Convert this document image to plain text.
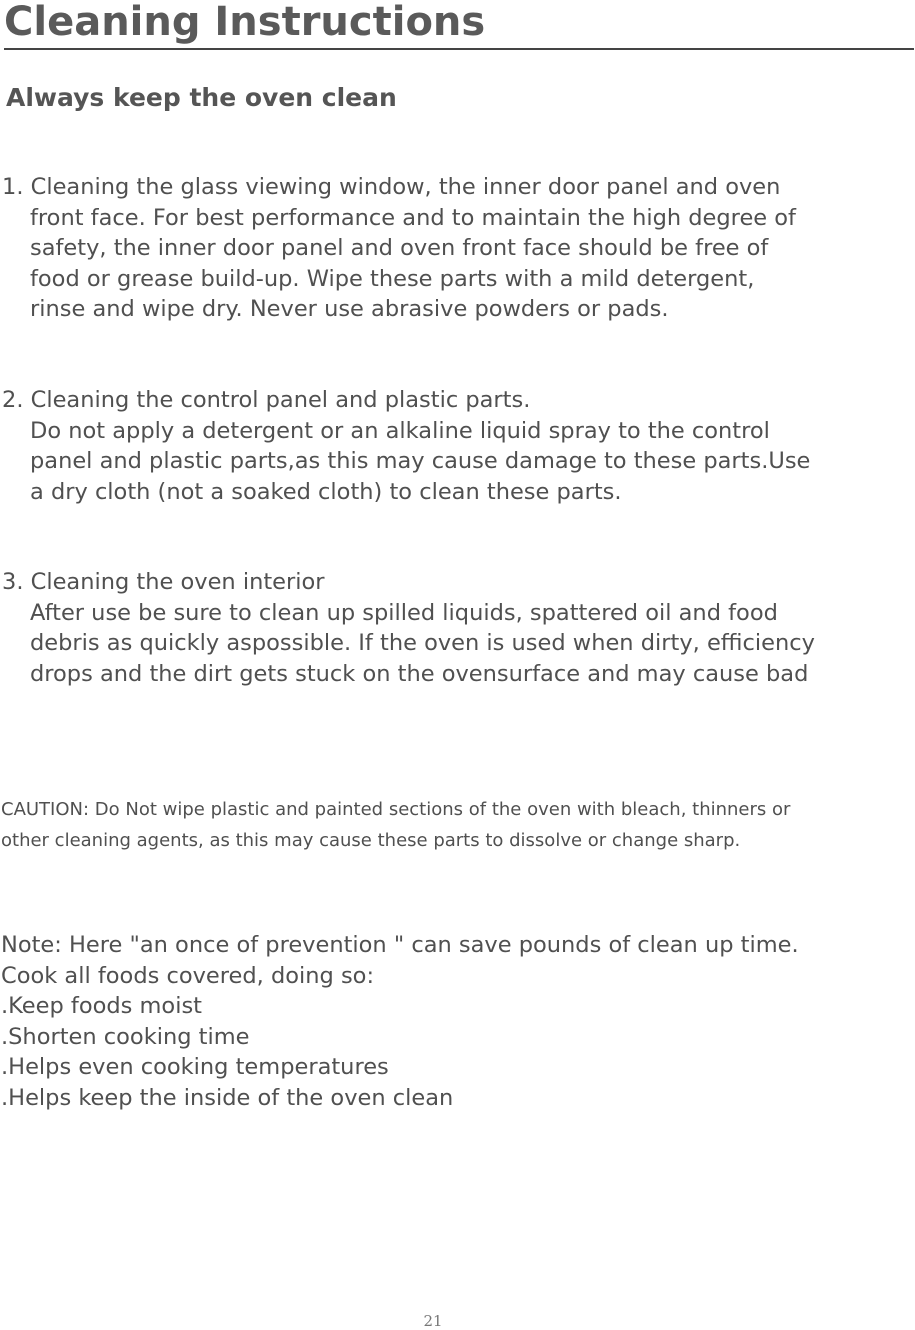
Cleaning Instructions
Always keep the oven clean
1. Cleaning the glass viewing window, the inner door panel and oven
front face. For best performance and to maintain the high degree of
safety, the inner door panel and oven front face should be free of
food or grease build-up. Wipe these parts with a mild detergent,
rinse and wipe dry. Never use abrasive powders or pads.
2. Cleaning the control panel and plastic parts.
Do not apply a detergent or an alkaline liquid spray to the control
panel and plastic parts,as this may cause damage to these parts.Use
a dry cloth (not a soaked cloth) to clean these parts.
3. Cleaning the oven interior
After use be sure to clean up spilled liquids, spattered oil and food
debris as quickly aspossible. If the oven is used when dirty, efficiency
drops and the dirt gets stuck on the ovensurface and may cause bad
CAUTION: Do Not wipe plastic and painted sections of the oven with bleach, thinners or
other cleaning agents, as this may cause these parts to dissolve or change sharp.
Note: Here "an once of prevention " can save pounds of clean up time.
Cook all foods covered, doing so:
.Keep foods moist
.Shorten cooking time
.Helps even cooking temperatures
.Helps keep the inside of the oven clean
21
